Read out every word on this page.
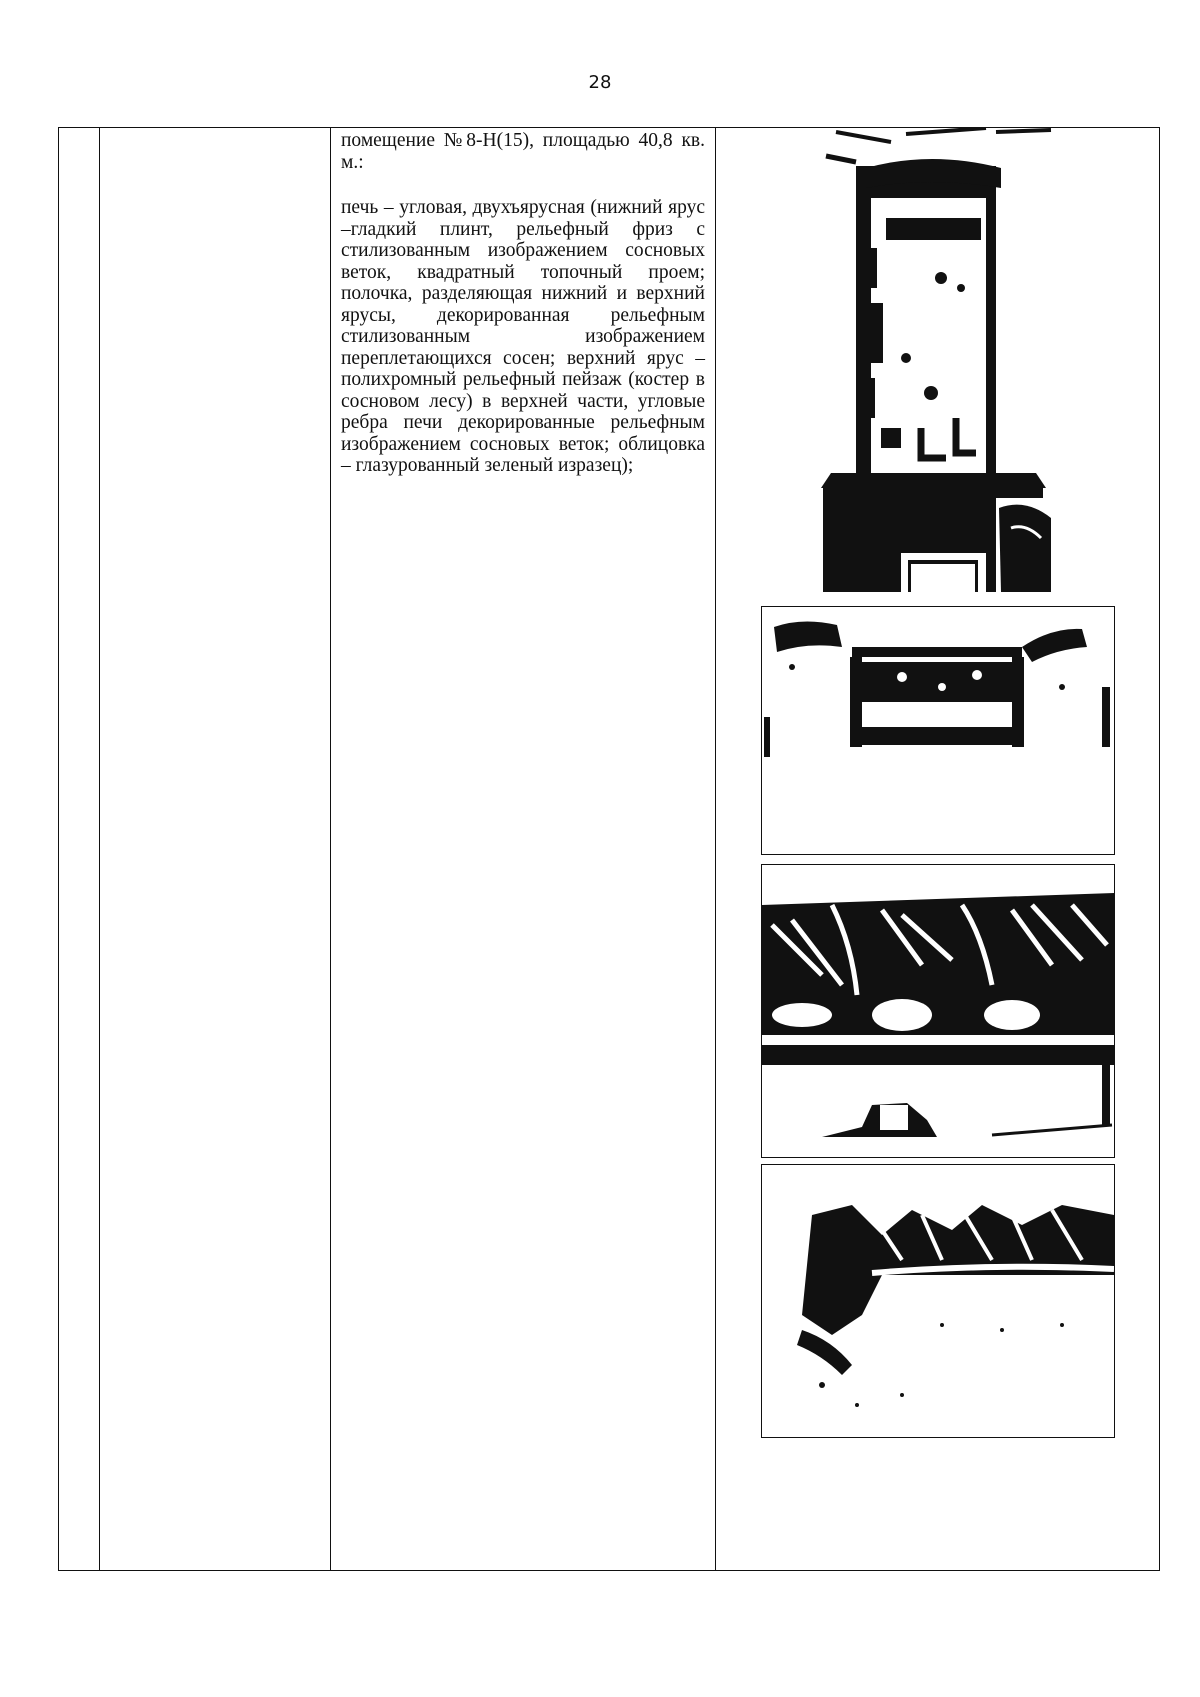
28

помещение №8-Н(15), площадью 40,8 кв. м.:

печь – угловая, двухъярусная (нижний ярус –гладкий плинт, рельефный фриз с стилизованным изображением сосновых веток, квадратный топочный проем; полочка, разделяющая нижний и верхний ярусы, декорированная рельефным стилизованным изображением переплетающихся сосен; верхний ярус – полихромный рельефный пейзаж (костер в сосновом лесу) в верхней части, угловые ребра печи декорированные рельефным изображением сосновых веток; облицовка – глазурованный зеленый изразец);
